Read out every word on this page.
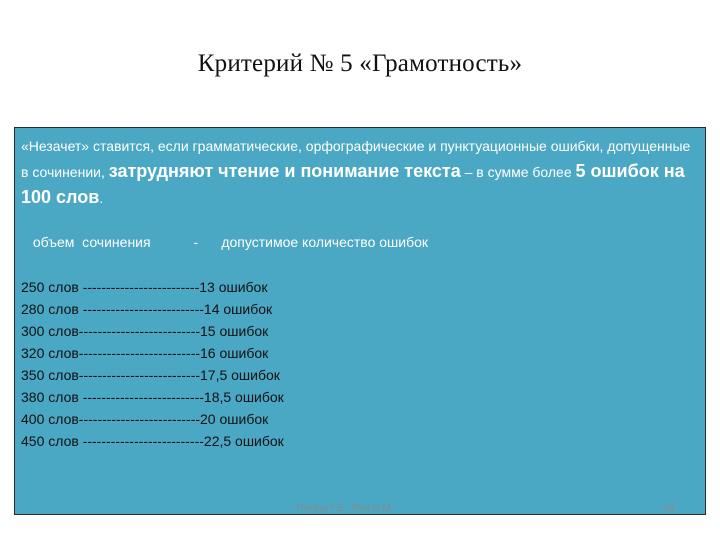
Критерий № 5 «Грамотность»
«Незачет» ставится, если грамматические, орфографические и пунктуационные ошибки, допущенные в сочинении, затрудняют чтение и понимание текста – в сумме более 5 ошибок на 100 слов.
объем  сочинения           -      допустимое количество ошибок
250 слов -------------------------13 ошибок
280 слов --------------------------14 ошибок
300 слов--------------------------15 ошибок
320 слов--------------------------16 ошибок
350 слов--------------------------17,5 ошибок
380 слов --------------------------18,5 ошибок
400 слов--------------------------20 ошибок
450 слов --------------------------22,5 ошибок
Петрук Г.Б., Рон И.М.	48
